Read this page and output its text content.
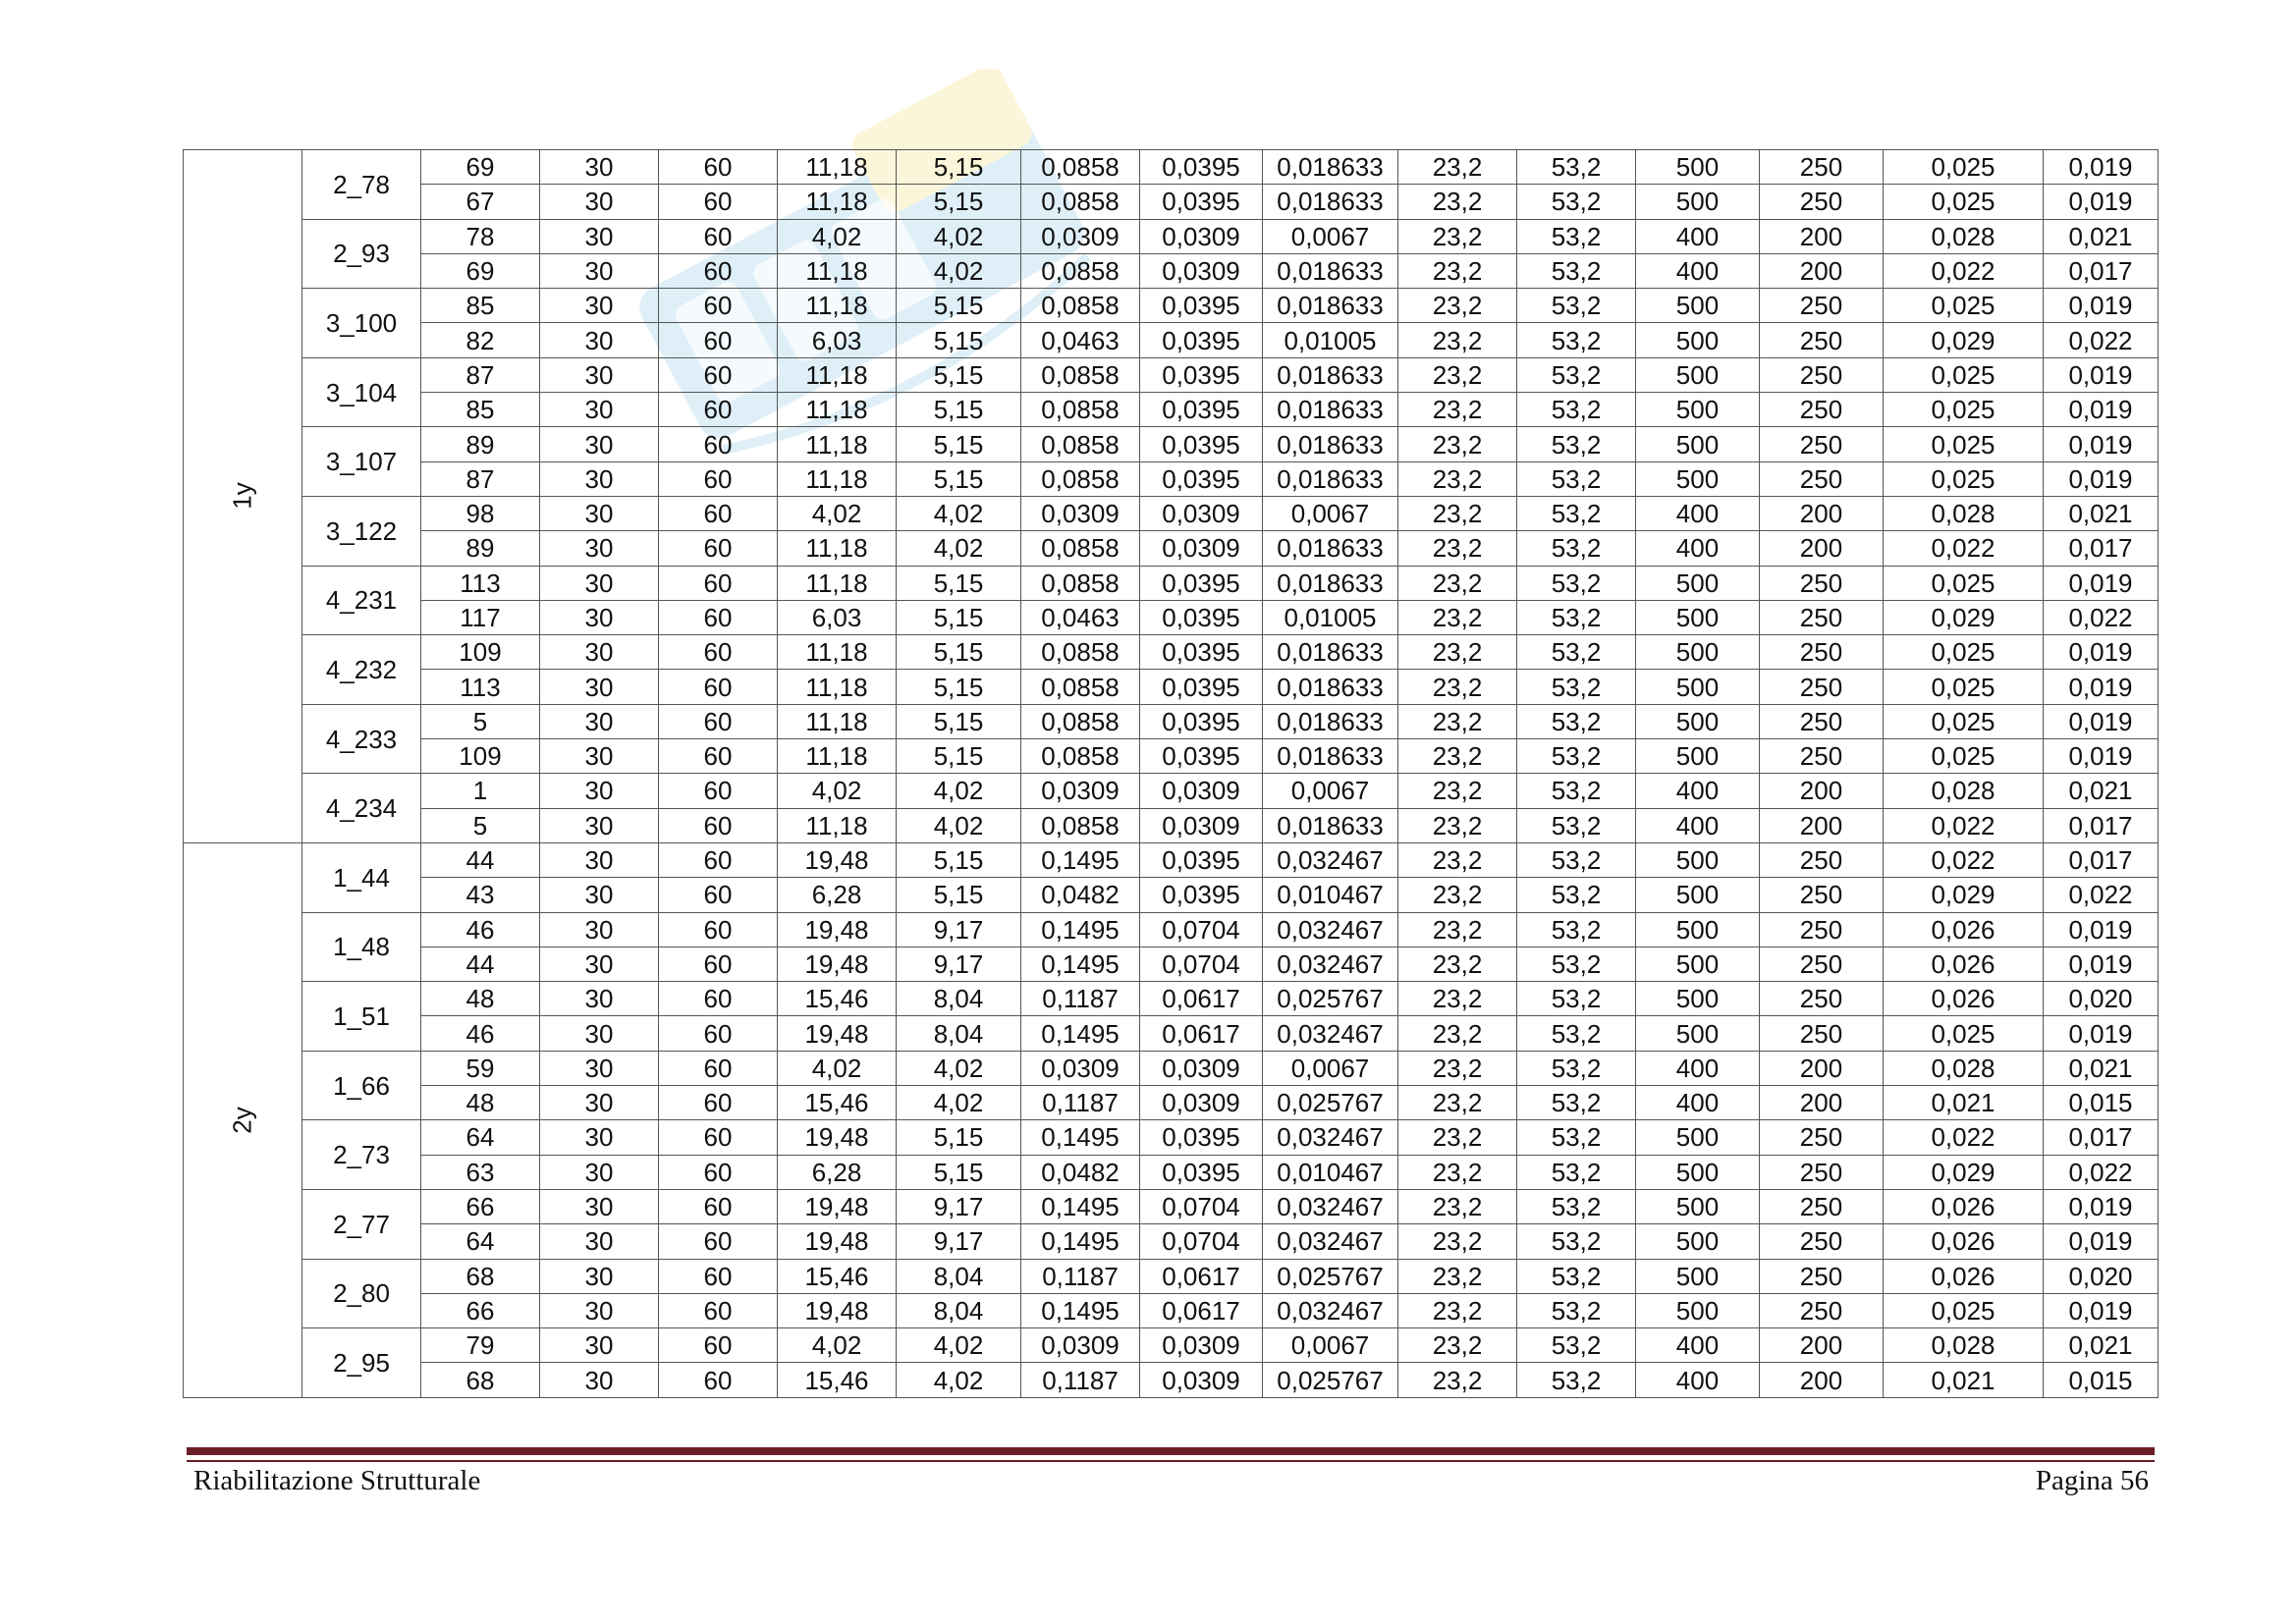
1y	2_78	69	30	60	11,18	5,15	0,0858	0,0395	0,018633	23,2	53,2	500	250	0,025	0,019
		67	30	60	11,18	5,15	0,0858	0,0395	0,018633	23,2	53,2	500	250	0,025	0,019
	2_93	78	30	60	4,02	4,02	0,0309	0,0309	0,0067	23,2	53,2	400	200	0,028	0,021
		69	30	60	11,18	4,02	0,0858	0,0309	0,018633	23,2	53,2	400	200	0,022	0,017
	3_100	85	30	60	11,18	5,15	0,0858	0,0395	0,018633	23,2	53,2	500	250	0,025	0,019
		82	30	60	6,03	5,15	0,0463	0,0395	0,01005	23,2	53,2	500	250	0,029	0,022
	3_104	87	30	60	11,18	5,15	0,0858	0,0395	0,018633	23,2	53,2	500	250	0,025	0,019
		85	30	60	11,18	5,15	0,0858	0,0395	0,018633	23,2	53,2	500	250	0,025	0,019
	3_107	89	30	60	11,18	5,15	0,0858	0,0395	0,018633	23,2	53,2	500	250	0,025	0,019
		87	30	60	11,18	5,15	0,0858	0,0395	0,018633	23,2	53,2	500	250	0,025	0,019
	3_122	98	30	60	4,02	4,02	0,0309	0,0309	0,0067	23,2	53,2	400	200	0,028	0,021
		89	30	60	11,18	4,02	0,0858	0,0309	0,018633	23,2	53,2	400	200	0,022	0,017
	4_231	113	30	60	11,18	5,15	0,0858	0,0395	0,018633	23,2	53,2	500	250	0,025	0,019
		117	30	60	6,03	5,15	0,0463	0,0395	0,01005	23,2	53,2	500	250	0,029	0,022
	4_232	109	30	60	11,18	5,15	0,0858	0,0395	0,018633	23,2	53,2	500	250	0,025	0,019
		113	30	60	11,18	5,15	0,0858	0,0395	0,018633	23,2	53,2	500	250	0,025	0,019
	4_233	5	30	60	11,18	5,15	0,0858	0,0395	0,018633	23,2	53,2	500	250	0,025	0,019
		109	30	60	11,18	5,15	0,0858	0,0395	0,018633	23,2	53,2	500	250	0,025	0,019
	4_234	1	30	60	4,02	4,02	0,0309	0,0309	0,0067	23,2	53,2	400	200	0,028	0,021
		5	30	60	11,18	4,02	0,0858	0,0309	0,018633	23,2	53,2	400	200	0,022	0,017
2y	1_44	44	30	60	19,48	5,15	0,1495	0,0395	0,032467	23,2	53,2	500	250	0,022	0,017
		43	30	60	6,28	5,15	0,0482	0,0395	0,010467	23,2	53,2	500	250	0,029	0,022
	1_48	46	30	60	19,48	9,17	0,1495	0,0704	0,032467	23,2	53,2	500	250	0,026	0,019
		44	30	60	19,48	9,17	0,1495	0,0704	0,032467	23,2	53,2	500	250	0,026	0,019
	1_51	48	30	60	15,46	8,04	0,1187	0,0617	0,025767	23,2	53,2	500	250	0,026	0,020
		46	30	60	19,48	8,04	0,1495	0,0617	0,032467	23,2	53,2	500	250	0,025	0,019
	1_66	59	30	60	4,02	4,02	0,0309	0,0309	0,0067	23,2	53,2	400	200	0,028	0,021
		48	30	60	15,46	4,02	0,1187	0,0309	0,025767	23,2	53,2	400	200	0,021	0,015
	2_73	64	30	60	19,48	5,15	0,1495	0,0395	0,032467	23,2	53,2	500	250	0,022	0,017
		63	30	60	6,28	5,15	0,0482	0,0395	0,010467	23,2	53,2	500	250	0,029	0,022
	2_77	66	30	60	19,48	9,17	0,1495	0,0704	0,032467	23,2	53,2	500	250	0,026	0,019
		64	30	60	19,48	9,17	0,1495	0,0704	0,032467	23,2	53,2	500	250	0,026	0,019
	2_80	68	30	60	15,46	8,04	0,1187	0,0617	0,025767	23,2	53,2	500	250	0,026	0,020
		66	30	60	19,48	8,04	0,1495	0,0617	0,032467	23,2	53,2	500	250	0,025	0,019
	2_95	79	30	60	4,02	4,02	0,0309	0,0309	0,0067	23,2	53,2	400	200	0,028	0,021
		68	30	60	15,46	4,02	0,1187	0,0309	0,025767	23,2	53,2	400	200	0,021	0,015
Riabilitazione Strutturale	Pagina 56
